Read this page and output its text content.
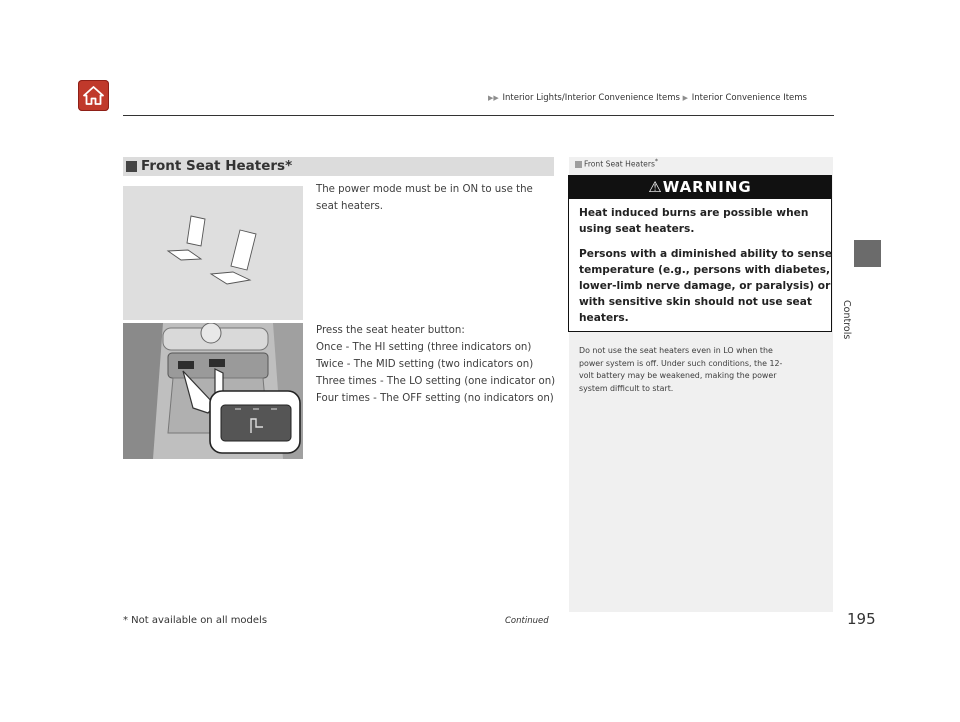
▶▶ Interior Lights/Interior Convenience Items ▶ Interior Convenience Items
Controls
Front Seat Heaters*
The power mode must be in ON to use the
seat heaters.
Press the seat heater button:
Once - The HI setting (three indicators on)
Twice - The MID setting (two indicators on)
Three times - The LO setting (one indicator on)
Four times - The OFF setting (no indicators on)
Front Seat Heaters*
⚠WARNING
Heat induced burns are possible when
using seat heaters.
Persons with a diminished ability to sense
temperature (e.g., persons with diabetes,
lower-limb nerve damage, or paralysis) or
with sensitive skin should not use seat
heaters.
Do not use the seat heaters even in LO when the
power system is off. Under such conditions, the 12-
volt battery may be weakened, making the power
system difficult to start.
* Not available on all models	Continued	195
